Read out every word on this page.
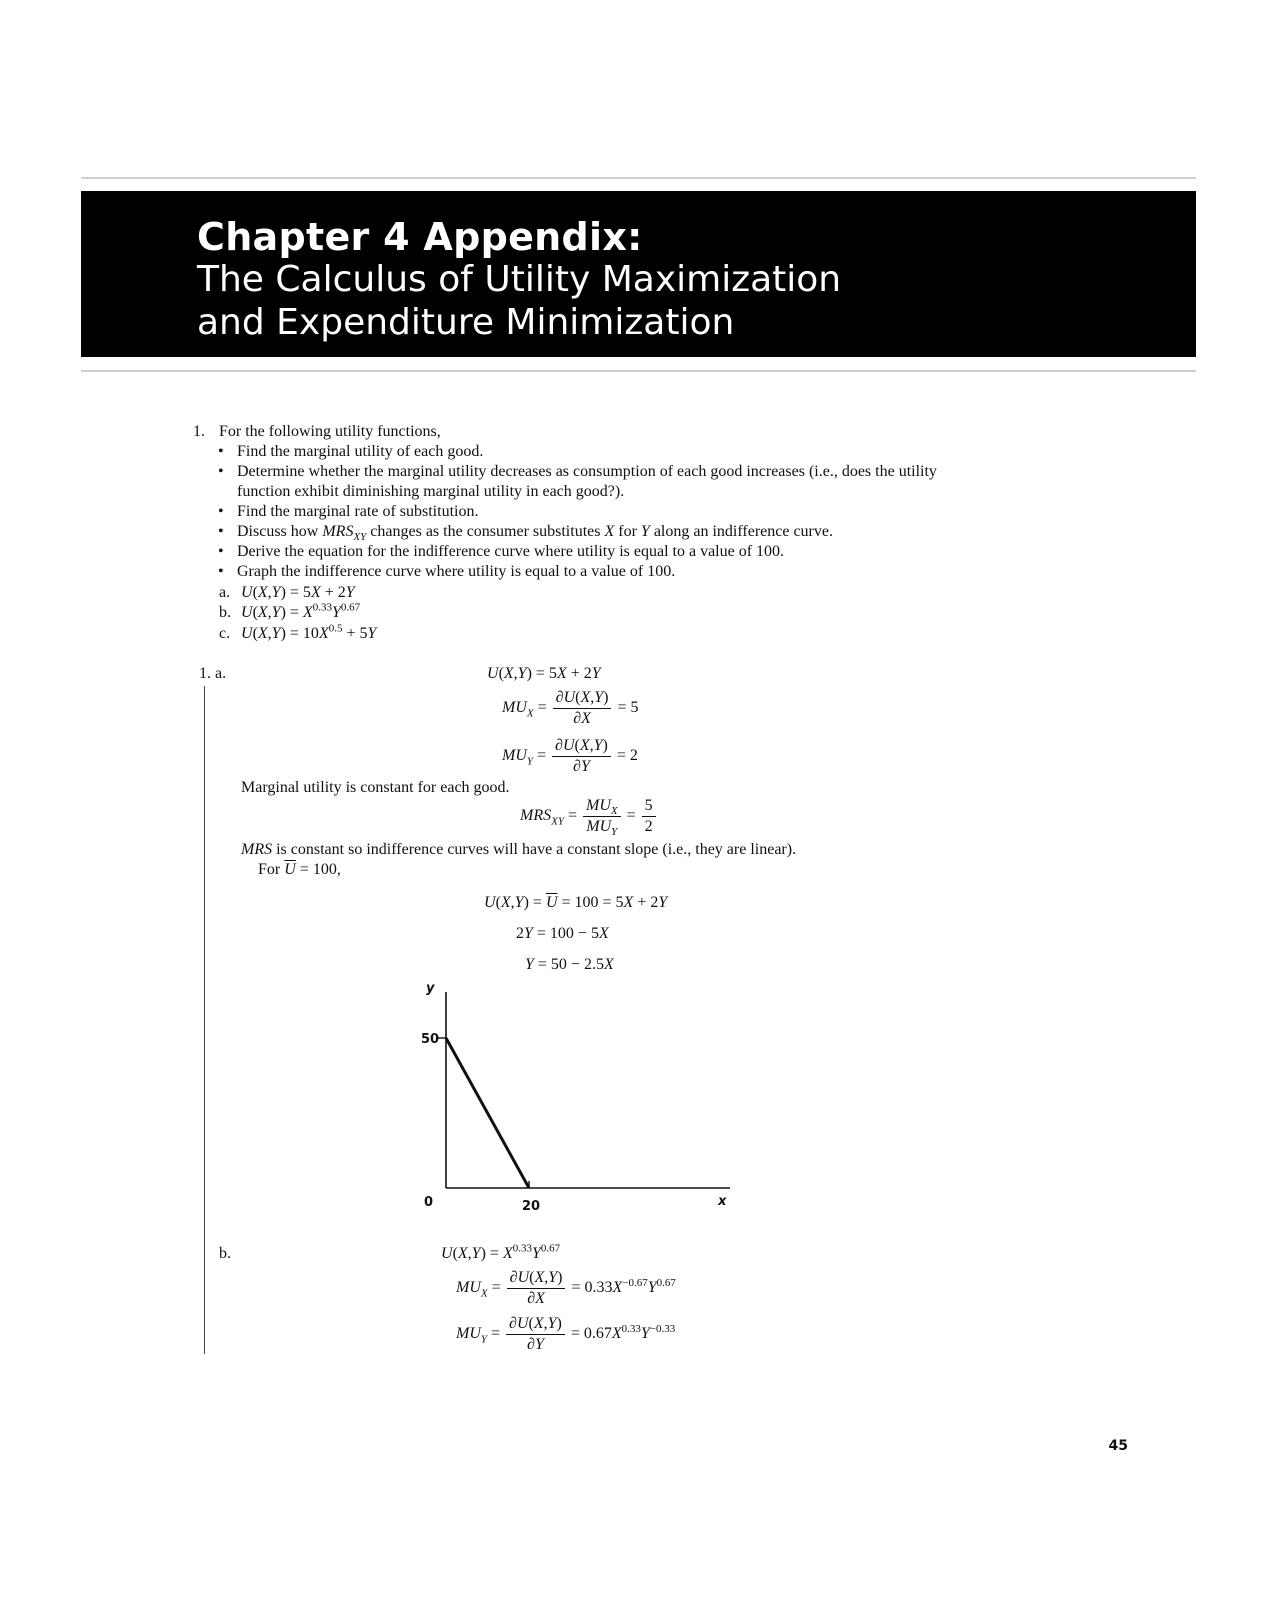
Chapter 4 Appendix:
The Calculus of Utility Maximization
and Expenditure Minimization
1. For the following utility functions,
• Find the marginal utility of each good.
• Determine whether the marginal utility decreases as consumption of each good increases (i.e., does the utility
function exhibit diminishing marginal utility in each good?).
• Find the marginal rate of substitution.
• Discuss how $MRS_{XY}$ changes as the consumer substitutes X for Y along an indifference curve.
• Derive the equation for the indifference curve where utility is equal to a value of 100.
• Graph the indifference curve where utility is equal to a value of 100.
a. U(X,Y) = 5X + 2Y
b. $U(X,Y) = X^{0.33}Y^{0.67}$
c. $U(X,Y) = 10X^{0.5} + 5Y$
1. a.	U(X,Y) = 5X + 2Y
$MU_X = \frac{\partial U(X,Y)}{\partial X} = 5$
$MU_Y = \frac{\partial U(X,Y)}{\partial Y} = 2$
Marginal utility is constant for each good.
$MRS_{XY} = \frac{MU_X}{MU_Y} = \frac{5}{2}$
MRS is constant so indifference curves will have a constant slope (i.e., they are linear).
For $\overline{U} = 100$,
$U(X,Y) = \overline{U} = 100 = 5X + 2Y$
2Y = 100 − 5X
Y = 50 − 2.5X
y
x
50
20
0
b.	$U(X,Y) = X^{0.33}Y^{0.67}$
$MU_X = \frac{\partial U(X,Y)}{\partial X} = 0.33X^{-0.67}Y^{0.67}$
$MU_Y = \frac{\partial U(X,Y)}{\partial Y} = 0.67X^{0.33}Y^{-0.33}$
45
